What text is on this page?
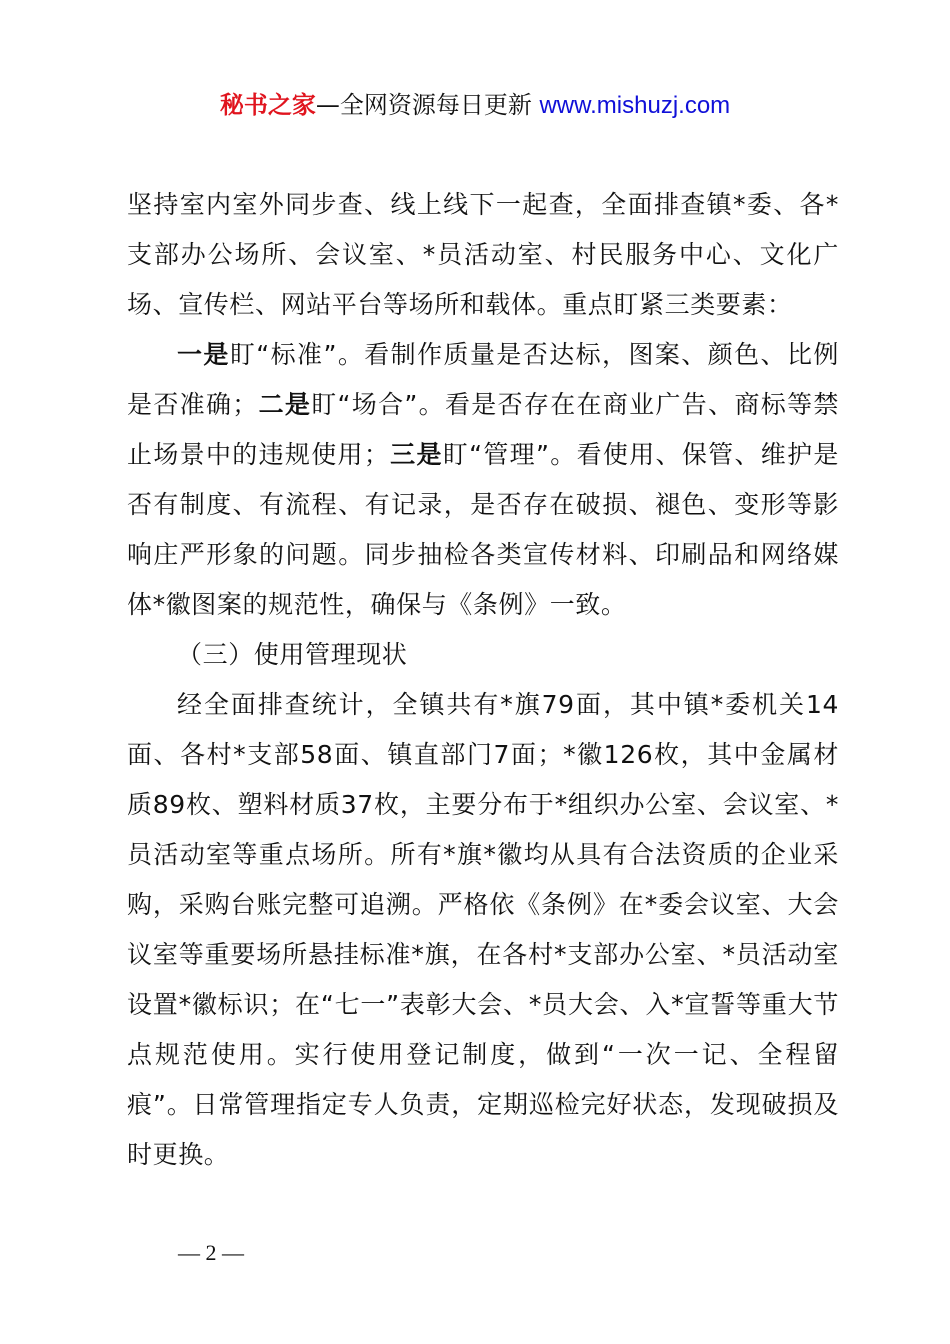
秘书之家—全网资源每日更新 www.mishuzj.com

坚持室内室外同步查、线上线下一起查，全面排查镇*委、各*支部办公场所、会议室、*员活动室、村民服务中心、文化广场、宣传栏、网站平台等场所和载体。重点盯紧三类要素：

一是盯“标准”。看制作质量是否达标，图案、颜色、比例是否准确；二是盯“场合”。看是否存在在商业广告、商标等禁止场景中的违规使用；三是盯“管理”。看使用、保管、维护是否有制度、有流程、有记录，是否存在破损、褪色、变形等影响庄严形象的问题。同步抽检各类宣传材料、印刷品和网络媒体*徽图案的规范性，确保与《条例》一致。

（三）使用管理现状

经全面排查统计，全镇共有*旗79面，其中镇*委机关14面、各村*支部58面、镇直部门7面；*徽126枚，其中金属材质89枚、塑料材质37枚，主要分布于*组织办公室、会议室、*员活动室等重点场所。所有*旗*徽均从具有合法资质的企业采购，采购台账完整可追溯。严格依《条例》在*委会议室、大会议室等重要场所悬挂标准*旗，在各村*支部办公室、*员活动室设置*徽标识；在“七一”表彰大会、*员大会、入*宣誓等重大节点规范使用。实行使用登记制度，做到“一次一记、全程留痕”。日常管理指定专人负责，定期巡检完好状态，发现破损及时更换。

— 2 —
